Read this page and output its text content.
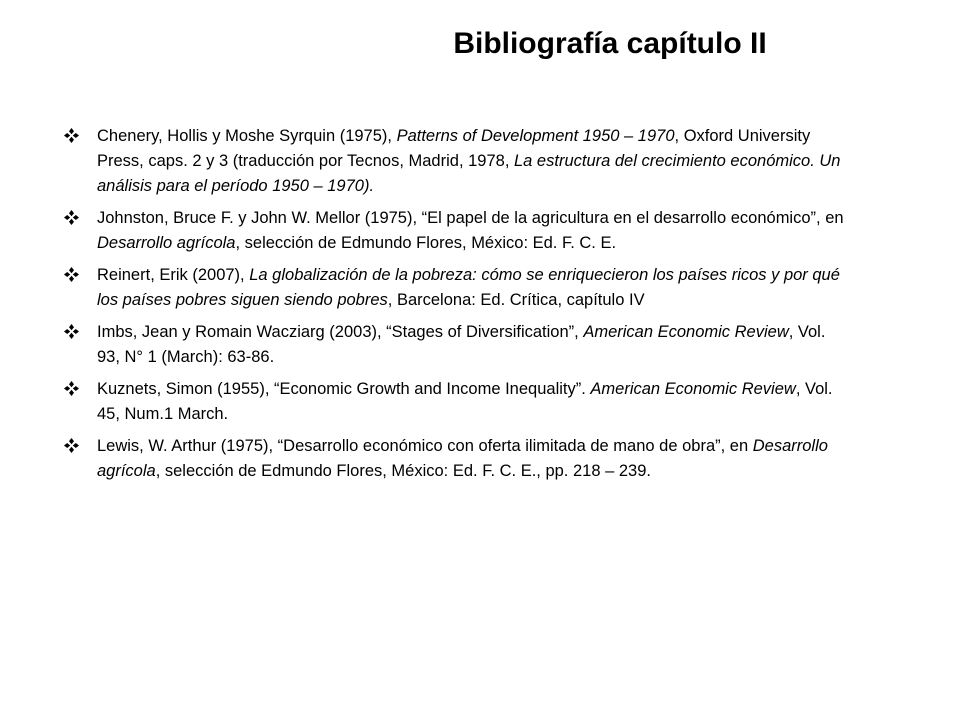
Bibliografía capítulo II
Chenery, Hollis y Moshe Syrquin (1975), Patterns of Development 1950 – 1970, Oxford University Press, caps. 2 y 3 (traducción por Tecnos, Madrid, 1978, La estructura del crecimiento económico. Un análisis para el período 1950 – 1970).
Johnston, Bruce F. y John W. Mellor (1975), “El papel de la agricultura en el desarrollo económico”, en Desarrollo agrícola, selección de Edmundo Flores, México: Ed. F. C. E.
Reinert, Erik (2007), La globalización de la pobreza: cómo se enriquecieron los países ricos y por qué los países pobres siguen siendo pobres, Barcelona: Ed. Crítica, capítulo IV
Imbs, Jean y Romain Wacziarg (2003), “Stages of Diversification”, American Economic Review, Vol. 93, N° 1 (March): 63-86.
Kuznets, Simon (1955), “Economic Growth and Income Inequality”. American Economic Review, Vol. 45, Num.1 March.
Lewis, W. Arthur (1975), “Desarrollo económico con oferta ilimitada de mano de obra”, en Desarrollo agrícola, selección de Edmundo Flores, México: Ed. F. C. E., pp. 218 – 239.
